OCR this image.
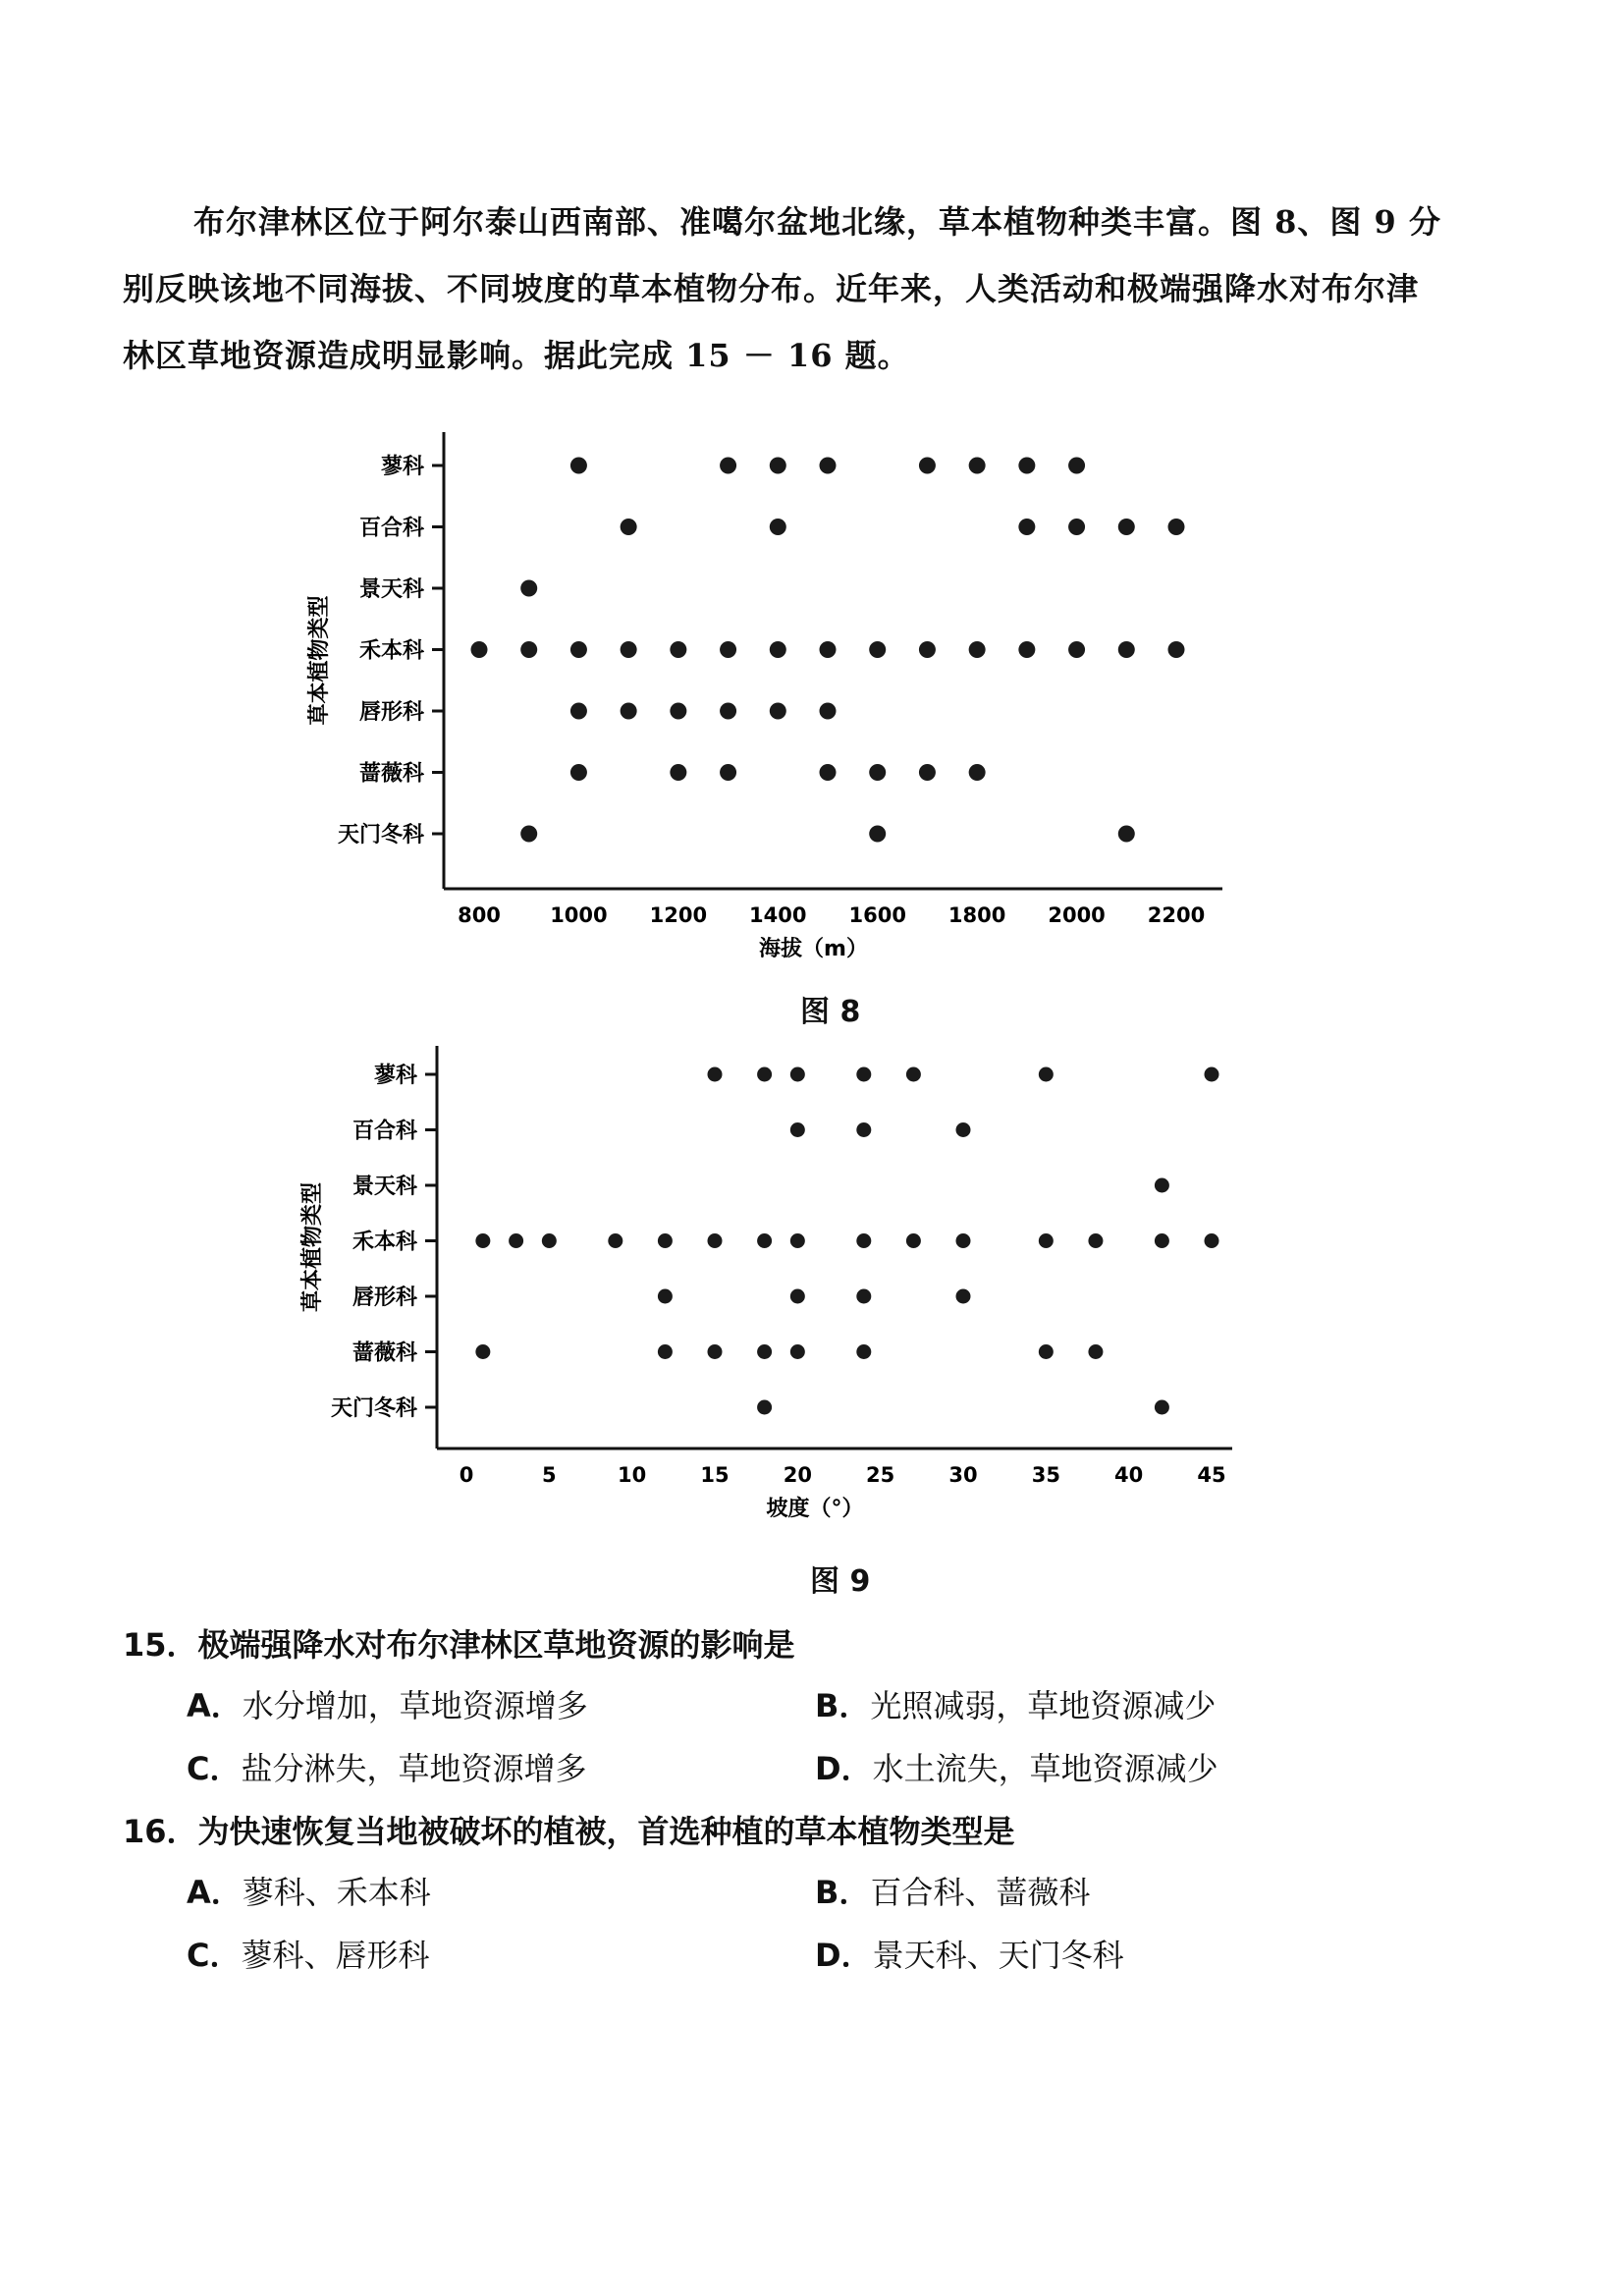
布尔津林区位于阿尔泰山西南部、准噶尔盆地北缘，草本植物种类丰富。图 8、图 9 分别反映该地不同海拔、不同坡度的草本植物分布。近年来，人类活动和极端强降水对布尔津林区草地资源造成明显影响。据此完成 15 － 16 题。

蓼科
百合科
景天科
禾本科
唇形科
蔷薇科
天门冬科
800 1000 1200 1400 1600 1800 2000 2200
海拔（m）
草本植物类型
图 8
蓼科
百合科
景天科
禾本科
唇形科
蔷薇科
天门冬科
0	5	10	15	20	25	30	35	40	45
坡度（°）
草本植物类型
图 9
15．极端强降水对布尔津林区草地资源的影响是
A．水分增加，草地资源增多	B．光照减弱，草地资源减少
C．盐分淋失，草地资源增多	D．水土流失，草地资源减少
16．为快速恢复当地被破坏的植被，首选种植的草本植物类型是
A．蓼科、禾本科	B．百合科、蔷薇科
C．蓼科、唇形科	D．景天科、天门冬科
